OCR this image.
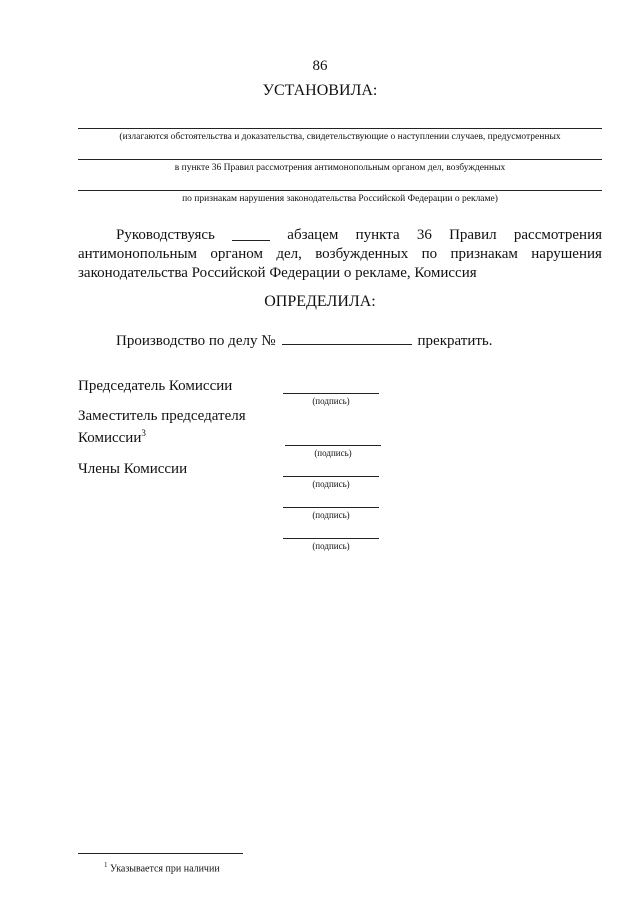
86
УСТАНОВИЛА:
(излагаются обстоятельства и доказательства, свидетельствующие о наступлении случаев, предусмотренных
в пункте 36 Правил рассмотрения антимонопольным органом дел, возбужденных
по признакам нарушения законодательства Российской Федерации о рекламе)
Руководствуясь	абзацем пункта 36 Правил рассмотрения
антимонопольным органом дел, возбужденных по признакам нарушения
законодательства Российской Федерации о рекламе, Комиссия
ОПРЕДЕЛИЛА:
Производство по делу №	прекратить.
Председатель Комиссии
(подпись)
Заместитель председателя
Комиссии$^3$
(подпись)
Члены Комиссии
(подпись)
(подпись)
(подпись)
$^1$ Указывается при наличии
